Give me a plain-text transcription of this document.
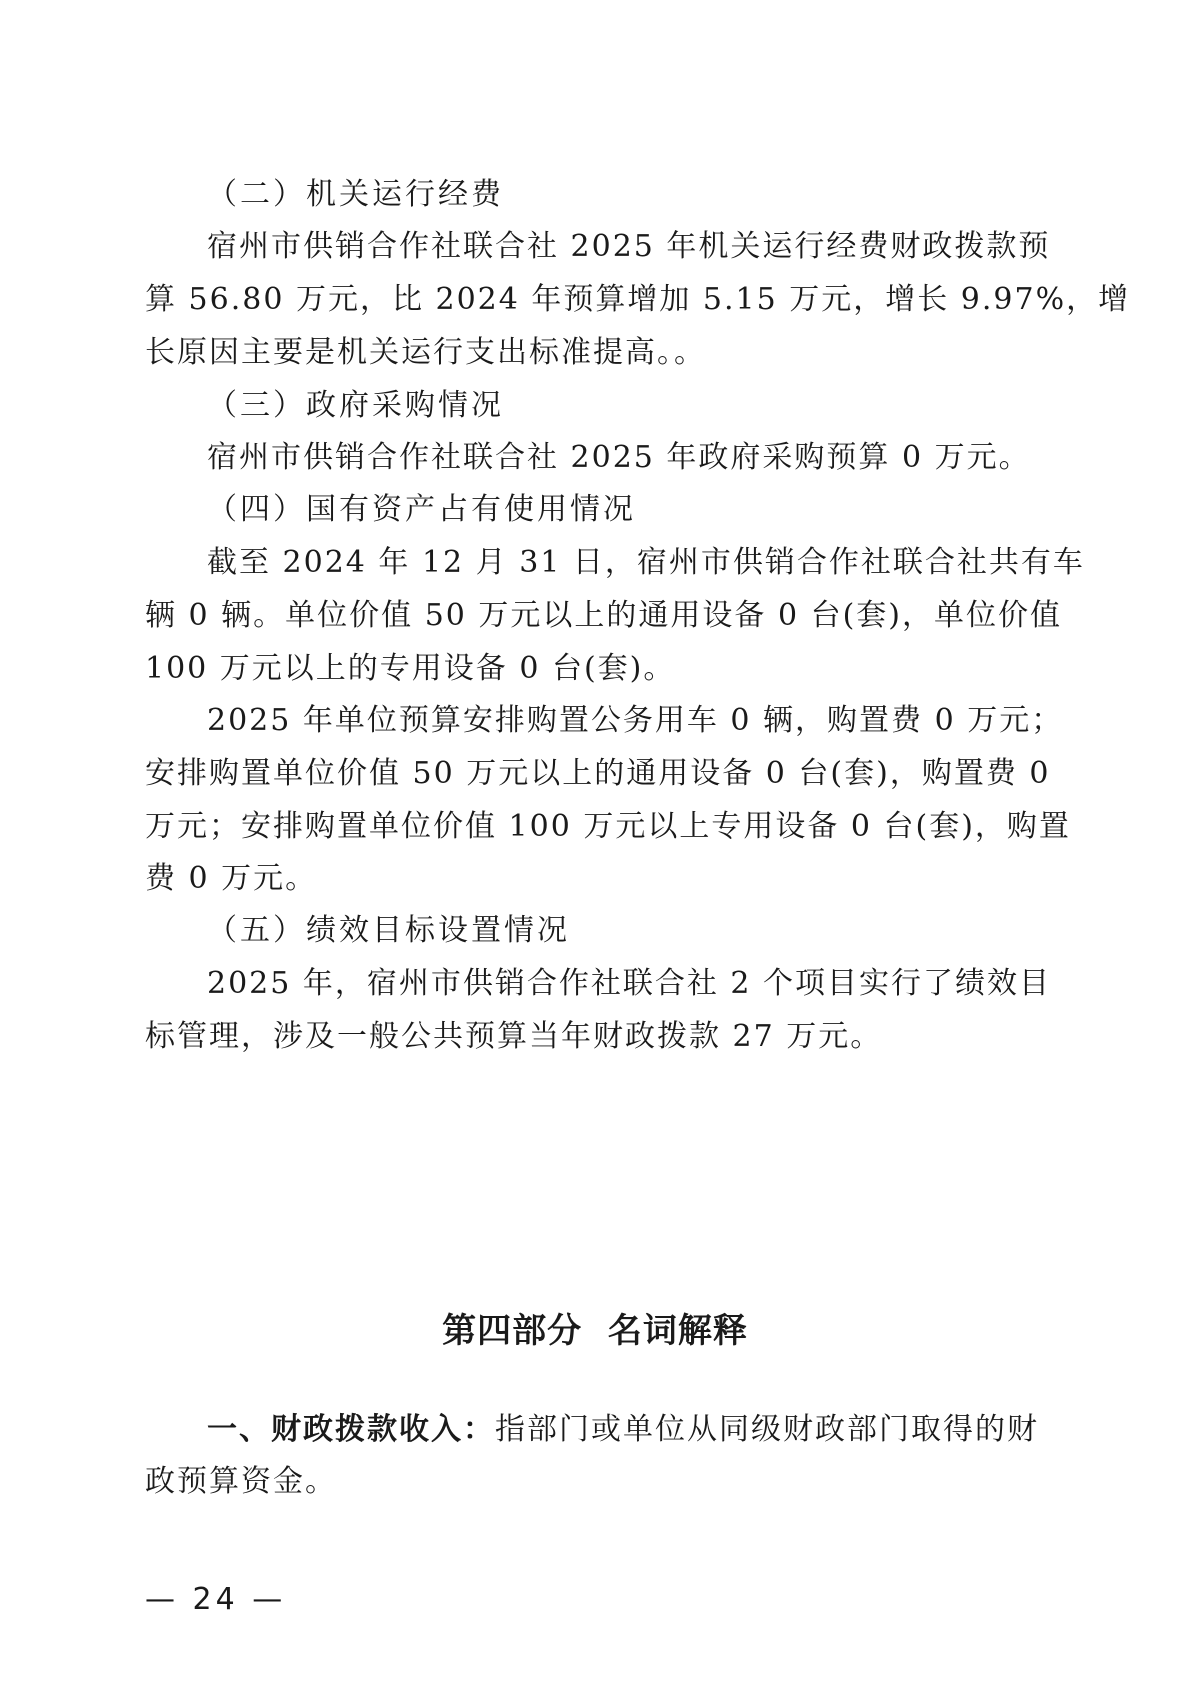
（二）机关运行经费
宿州市供销合作社联合社 2025 年机关运行经费财政拨款预
算 56.80 万元，比 2024 年预算增加 5.15 万元，增长 9.97%，增
长原因主要是机关运行支出标准提高。。
（三）政府采购情况
宿州市供销合作社联合社 2025 年政府采购预算 0 万元。
（四）国有资产占有使用情况
截至 2024 年 12 月 31 日，宿州市供销合作社联合社共有车
辆 0 辆。单位价值 50 万元以上的通用设备 0 台(套)，单位价值
100 万元以上的专用设备 0 台(套)。
2025 年单位预算安排购置公务用车 0 辆，购置费 0 万元；
安排购置单位价值 50 万元以上的通用设备 0 台(套)，购置费 0
万元；安排购置单位价值 100 万元以上专用设备 0 台(套)，购置
费 0 万元。
（五）绩效目标设置情况
2025 年，宿州市供销合作社联合社 2 个项目实行了绩效目
标管理，涉及一般公共预算当年财政拨款 27 万元。
第四部分  名词解释
一、财政拨款收入：指部门或单位从同级财政部门取得的财
政预算资金。
— 24 —
